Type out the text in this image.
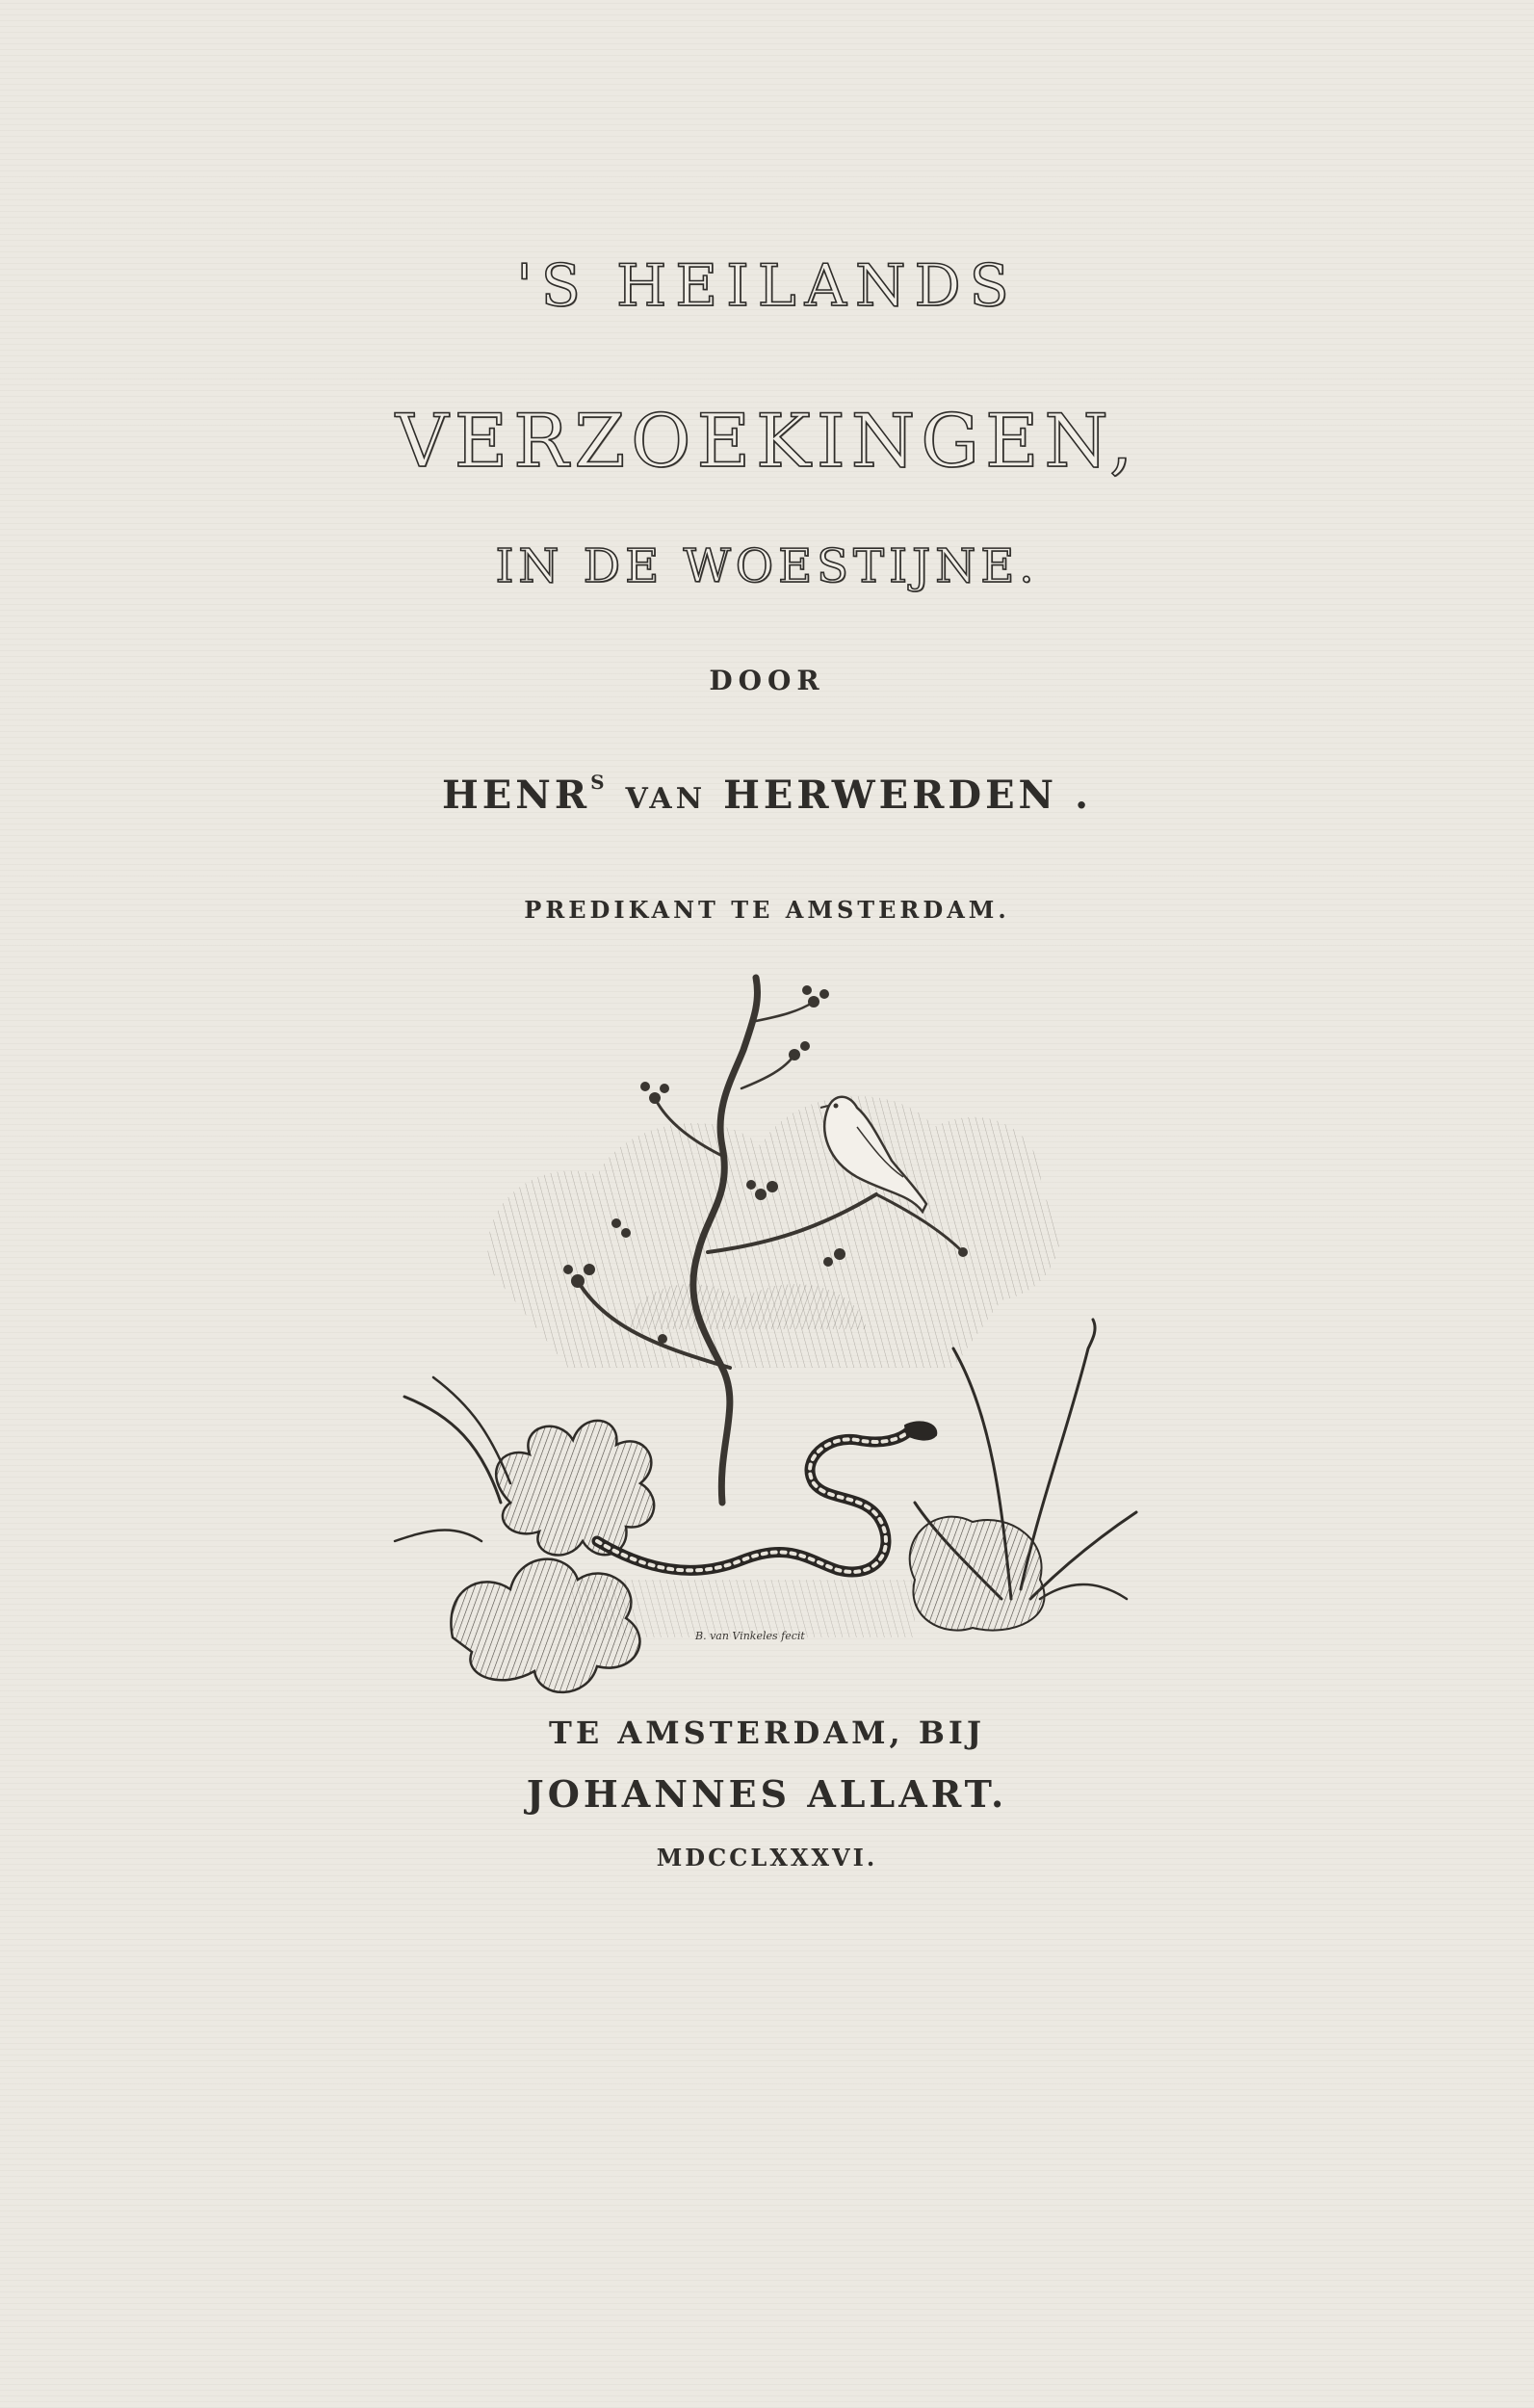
'S HEILANDS
VERZOEKINGEN,
IN DE WOESTIJNE.
DOOR
$HENR^S$ VAN HERWERDEN .
PREDIKANT TE AMSTERDAM.
B. van Vinkeles fecit
TE AMSTERDAM, BIJ
JOHANNES ALLART.
MDCCLXXXVI.
